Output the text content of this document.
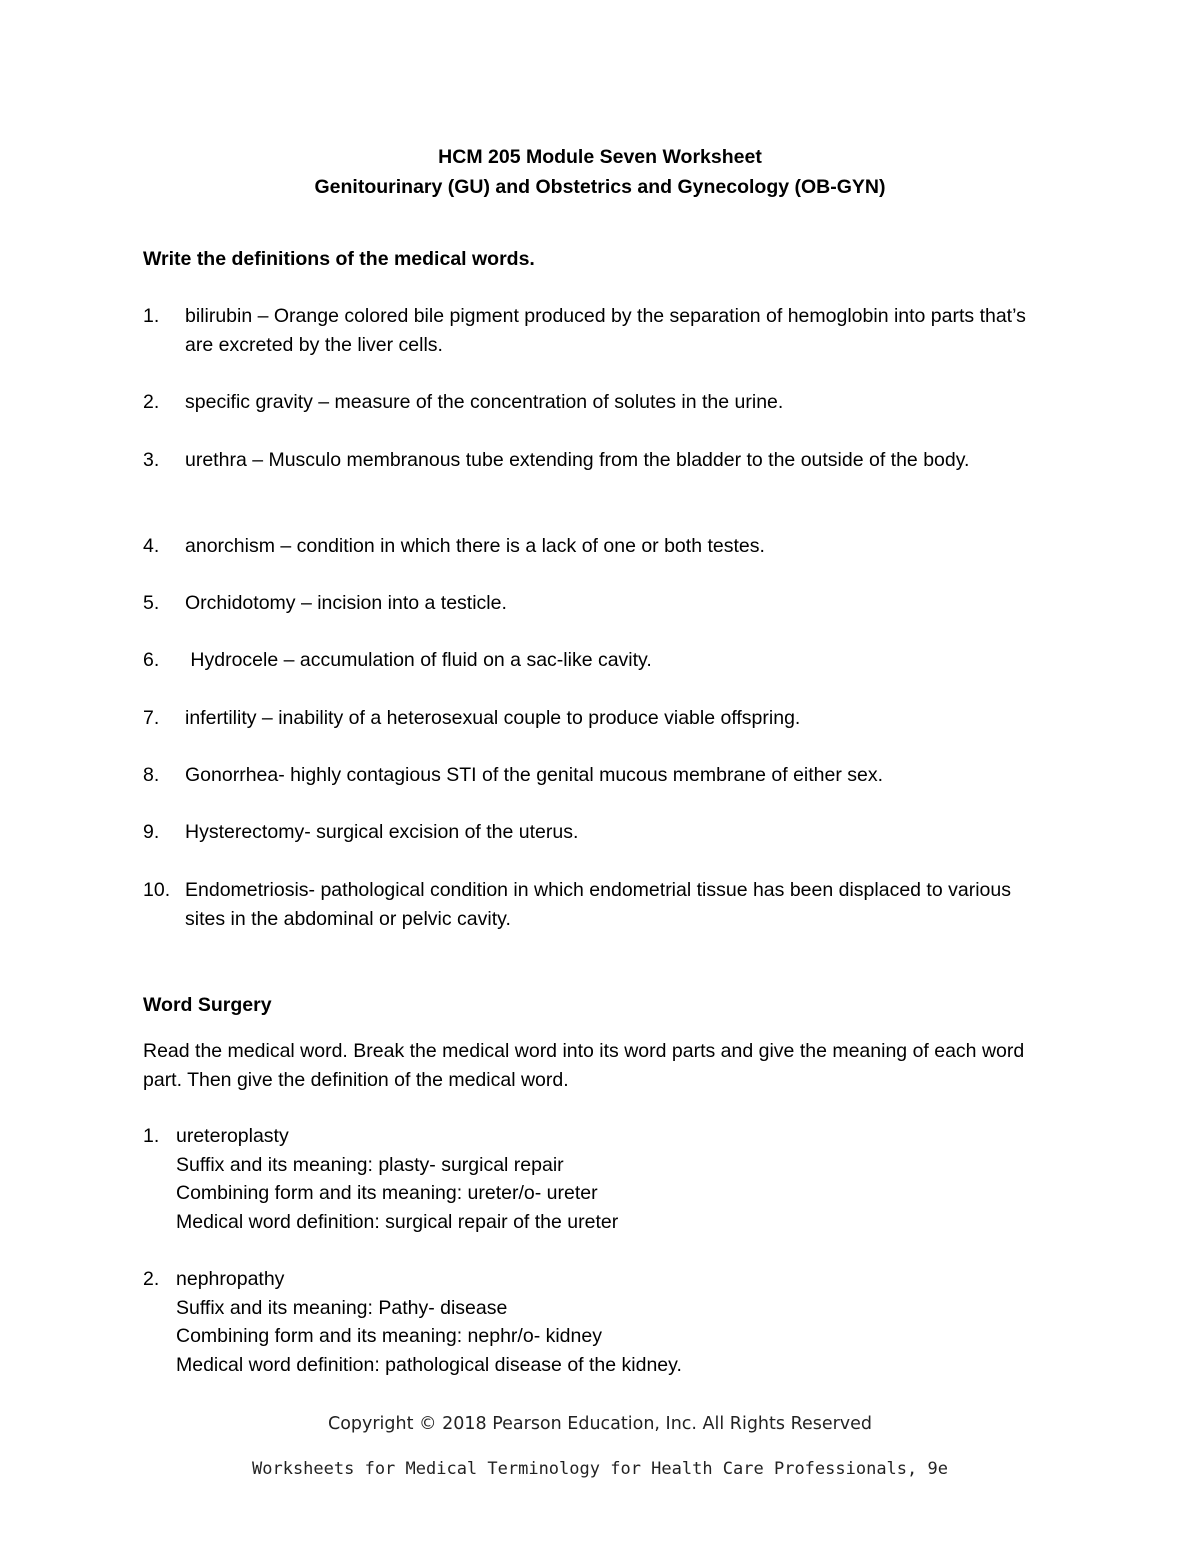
HCM 205 Module Seven Worksheet
Genitourinary (GU) and Obstetrics and Gynecology (OB-GYN)
Write the definitions of the medical words.
1.	bilirubin – Orange colored bile pigment produced by the separation of hemoglobin into parts that’s are excreted by the liver cells.
2.	specific gravity – measure of the concentration of solutes in the urine.
3.	urethra – Musculo membranous tube extending from the bladder to the outside of the body.
4.	anorchism – condition in which there is a lack of one or both testes.
5.	Orchidotomy – incision into a testicle.
6.	Hydrocele – accumulation of fluid on a sac-like cavity.
7.	infertility – inability of a heterosexual couple to produce viable offspring.
8.	Gonorrhea- highly contagious STI of the genital mucous membrane of either sex.
9.	Hysterectomy- surgical excision of the uterus.
10. Endometriosis- pathological condition in which endometrial tissue has been displaced to various sites in the abdominal or pelvic cavity.
Word Surgery
Read the medical word. Break the medical word into its word parts and give the meaning of each word part. Then give the definition of the medical word.
1. ureteroplasty
Suffix and its meaning: plasty- surgical repair
Combining form and its meaning: ureter/o- ureter
Medical word definition: surgical repair of the ureter
2. nephropathy
Suffix and its meaning: Pathy- disease
Combining form and its meaning: nephr/o- kidney
Medical word definition: pathological disease of the kidney.
Copyright © 2018 Pearson Education, Inc. All Rights Reserved
Worksheets for Medical Terminology for Health Care Professionals, 9e
